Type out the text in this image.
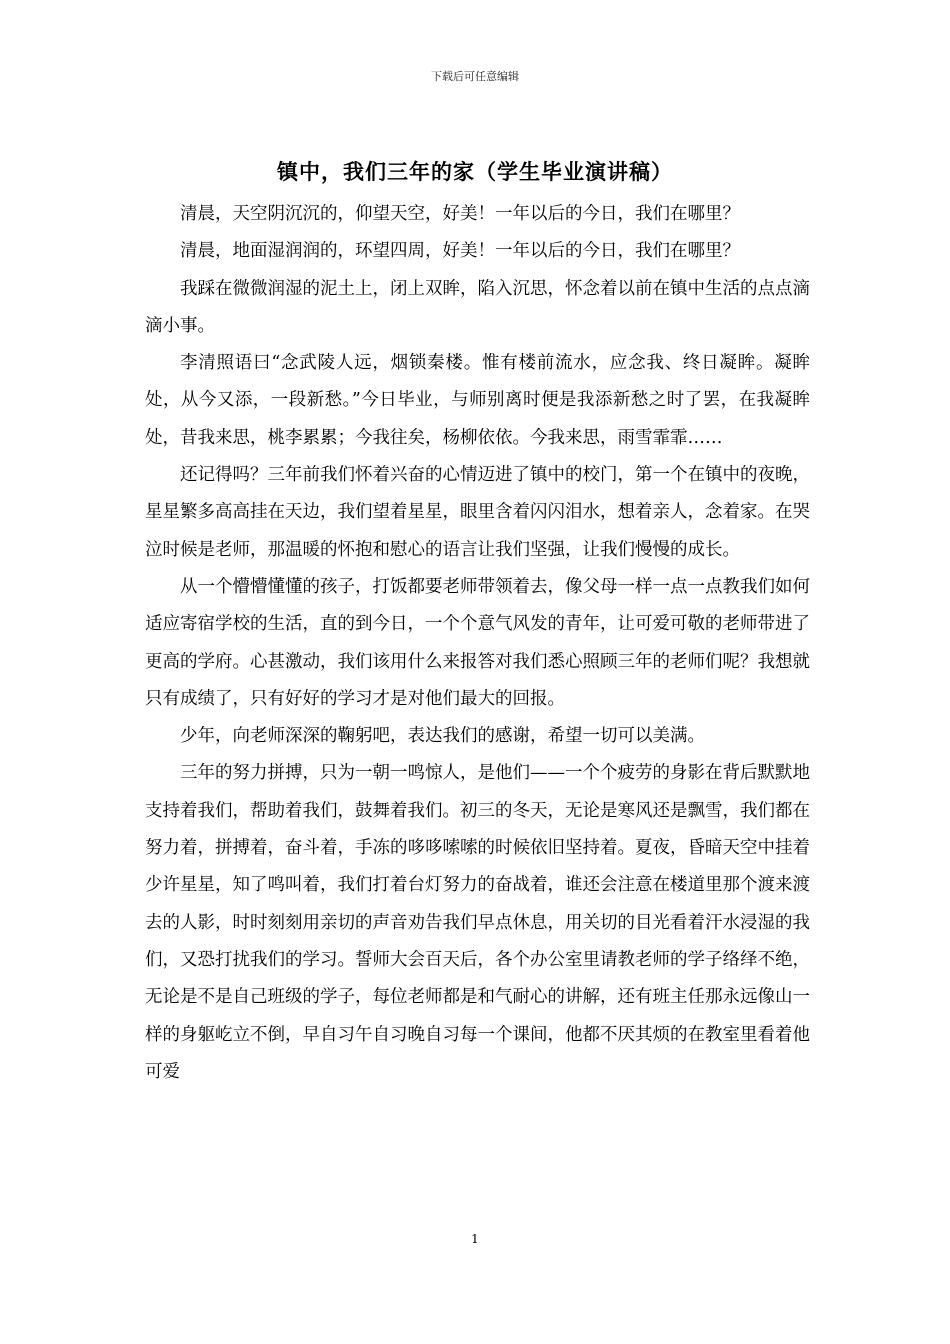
下载后可任意编辑
镇中，我们三年的家（学生毕业演讲稿）

清晨，天空阴沉沉的，仰望天空，好美！一年以后的今日，我们在哪里？

清晨，地面湿润润的，环望四周，好美！一年以后的今日，我们在哪里？

我踩在微微润湿的泥土上，闭上双眸，陷入沉思，怀念着以前在镇中生活的点点滴滴小事。

李清照语曰“念武陵人远，烟锁秦楼。惟有楼前流水，应念我、终日凝眸。凝眸处，从今又添，一段新愁。”今日毕业，与师别离时便是我添新愁之时了罢，在我凝眸处，昔我来思，桃李累累；今我往矣，杨柳依依。今我来思，雨雪霏霏……

还记得吗？三年前我们怀着兴奋的心情迈进了镇中的校门，第一个在镇中的夜晚，星星繁多高高挂在天边，我们望着星星，眼里含着闪闪泪水，想着亲人，念着家。在哭泣时候是老师，那温暖的怀抱和慰心的语言让我们坚强，让我们慢慢的成长。

从一个懵懵懂懂的孩子，打饭都要老师带领着去，像父母一样一点一点教我们如何适应寄宿学校的生活，直的到今日，一个个意气风发的青年，让可爱可敬的老师带进了更高的学府。心甚激动，我们该用什么来报答对我们悉心照顾三年的老师们呢？我想就只有成绩了，只有好好的学习才是对他们最大的回报。

少年，向老师深深的鞠躬吧，表达我们的感谢，希望一切可以美满。

三年的努力拼搏，只为一朝一鸣惊人，是他们——一个个疲劳的身影在背后默默地支持着我们，帮助着我们，鼓舞着我们。初三的冬天，无论是寒风还是飘雪，我们都在努力着，拼搏着，奋斗着，手冻的哆哆嗦嗦的时候依旧坚持着。夏夜，昏暗天空中挂着少许星星，知了鸣叫着，我们打着台灯努力的奋战着，谁还会注意在楼道里那个渡来渡去的人影，时时刻刻用亲切的声音劝告我们早点休息，用关切的目光看着汗水浸湿的我们，又恐打扰我们的学习。誓师大会百天后，各个办公室里请教老师的学子络绎不绝，无论是不是自己班级的学子，每位老师都是和气耐心的讲解，还有班主任那永远像山一样的身躯屹立不倒，早自习午自习晚自习每一个课间，他都不厌其烦的在教室里看着他可爱

1
